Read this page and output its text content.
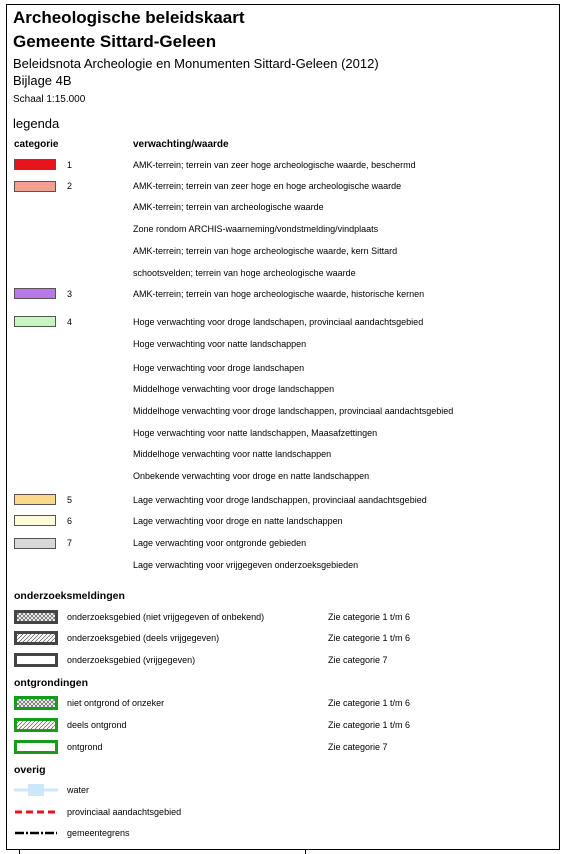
Archeologische beleidskaart
Gemeente Sittard-Geleen
Beleidsnota Archeologie en Monumenten Sittard-Geleen (2012)
Bijlage 4B
Schaal 1:15.000
legenda
categorie	verwachting/waarde
1	AMK-terrein; terrein van zeer hoge archeologische waarde, beschermd
2	AMK-terrein; terrein van zeer hoge en hoge archeologische waarde
AMK-terrein; terrein van archeologische waarde
Zone rondom ARCHIS-waarneming/vondstmelding/vindplaats
AMK-terrein; terrein van hoge archeologische waarde, kern Sittard
schootsvelden; terrein van hoge archeologische waarde
3	AMK-terrein; terrein van hoge archeologische waarde, historische kernen
4	Hoge verwachting voor droge landschapen, provinciaal aandachtsgebied
Hoge verwachting voor natte landschappen
Hoge verwachting voor droge landschapen
Middelhoge verwachting voor droge landschappen
Middelhoge verwachting voor droge landschappen, provinciaal aandachtsgebied
Hoge verwachting voor natte landschappen, Maasafzettingen
Middelhoge verwachting voor natte landschappen
Onbekende verwachting voor droge en natte landschappen
5	Lage verwachting voor droge landschappen, provinciaal aandachtsgebied
6	Lage verwachting voor droge en natte landschappen
7	Lage verwachting voor ontgronde gebieden
Lage verwachting voor vrijgegeven onderzoeksgebieden
onderzoeksmeldingen
onderzoeksgebied (niet vrijgegeven of onbekend)	Zie categorie 1 t/m 6
onderzoeksgebied (deels vrijgegeven)	Zie categorie 1 t/m 6
onderzoeksgebied (vrijgegeven)	Zie categorie 7
ontgrondingen
niet ontgrond of onzeker	Zie categorie 1 t/m 6
deels ontgrond	Zie categorie 1 t/m 6
ontgrond	Zie categorie 7
overig
water
provinciaal aandachtsgebied
gemeentegrens
